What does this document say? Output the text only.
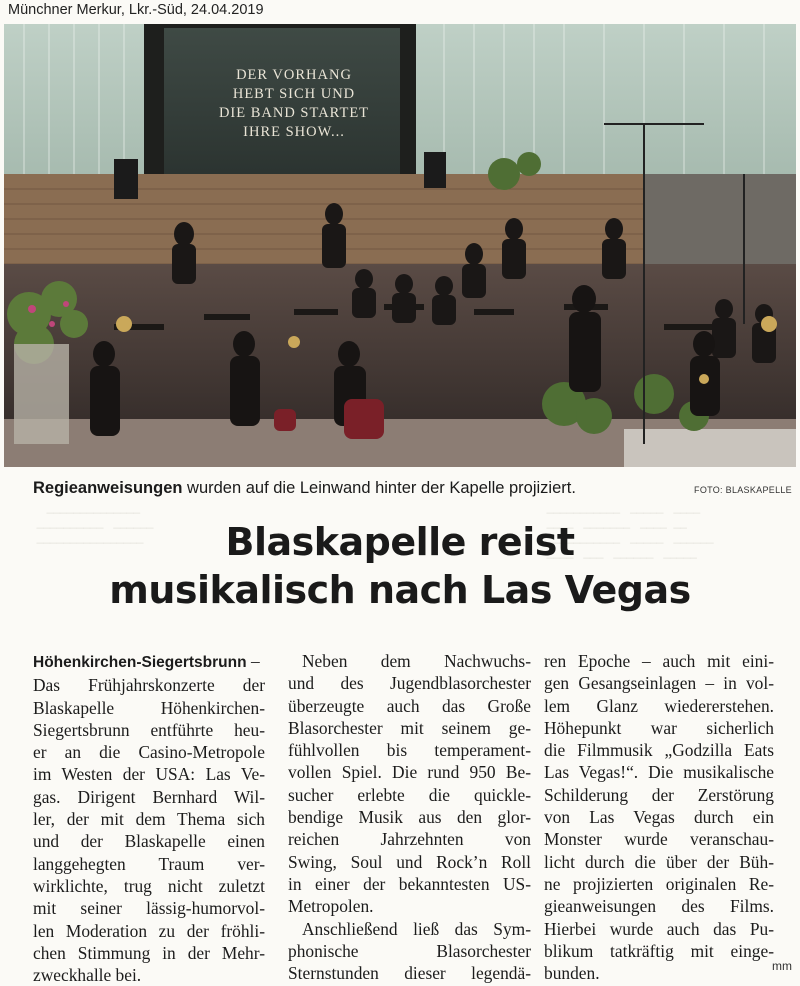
Münchner Merkur, Lkr.-Süd, 24.04.2019
DER VORHANG
HEBT SICH UND
DIE BAND STARTET
IHRE SHOW...
Regieanweisungen wurden auf die Leinwand hinter der Kapelle projiziert.	FOTO: BLASKAPELLE
___________   _____   ____
____   _______   ____  __
___________   _____   ______
____   ___   ______   _____
______________
__________   ______
________________	Blaskapelle reist
musikalisch nach Las Vegas
Höhenkirchen-Siegertsbrunn –
Das Frühjahrskonzerte der
Blaskapelle Höhenkirchen-
Siegertsbrunn entführte heu-
er an die Casino-Metropole
im Westen der USA: Las Ve-
gas. Dirigent Bernhard Wil-
ler, der mit dem Thema sich
und der Blaskapelle einen
langgehegten Traum ver-
wirklichte, trug nicht zuletzt
mit seiner lässig-humorvol-
len Moderation zu der fröhli-
chen Stimmung in der Mehr-
zweckhalle bei.
Neben dem Nachwuchs-
und des Jugendblasorchester
überzeugte auch das Große
Blasorchester mit seinem ge-
fühlvollen bis temperament-
vollen Spiel. Die rund 950 Be-
sucher erlebte die quickle-
bendige Musik aus den glor-
reichen Jahrzehnten von
Swing, Soul und Rock’n Roll
in einer der bekanntesten US-
Metropolen.
Anschließend ließ das Sym-
phonische Blasorchester
Sternstunden dieser legendä-
ren Epoche – auch mit eini-
gen Gesangseinlagen – in vol-
lem Glanz wiedererstehen.
Höhepunkt war sicherlich
die Filmmusik „Godzilla Eats
Las Vegas!“. Die musikalische
Schilderung der Zerstörung
von Las Vegas durch ein
Monster wurde veranschau-
licht durch die über der Büh-
ne projizierten originalen Re-
gieanweisungen des Films.
Hierbei wurde auch das Pu-
blikum tatkräftig mit einge-
bunden.	mm
